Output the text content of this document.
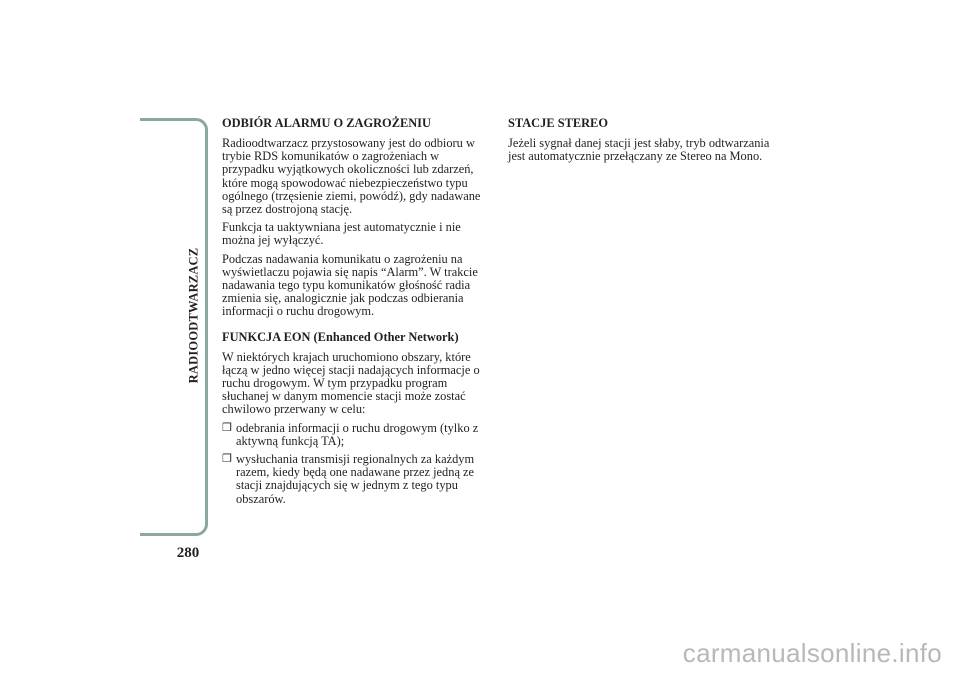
RADIOODTWARZACZ
280
ODBIÓR ALARMU O ZAGROŻENIU

Radioodtwarzacz przystosowany jest do odbioru w trybie RDS komunikatów o zagrożeniach w przypadku wyjątkowych okoliczności lub zdarzeń, które mogą spowodować niebezpieczeństwo typu ogólnego (trzęsienie ziemi, powódź), gdy nadawane są przez dostrojoną stację.

Funkcja ta uaktywniana jest automatycznie i nie można jej wyłączyć.

Podczas nadawania komunikatu o zagrożeniu na wyświetlaczu pojawia się napis “Alarm”. W trakcie nadawania tego typu komunikatów głośność radia zmienia się, analogicznie jak podczas odbierania informacji o ruchu drogowym.

FUNKCJA EON (Enhanced Other Network)

W niektórych krajach uruchomiono obszary, które łączą w jedno więcej stacji nadających informacje o ruchu drogowym. W tym przypadku program słuchanej w danym momencie stacji może zostać chwilowo przerwany w celu:

❒ odebrania informacji o ruchu drogowym (tylko z aktywną funkcją TA);
❒ wysłuchania transmisji regionalnych za każdym razem, kiedy będą one nadawane przez jedną ze stacji znajdujących się w jednym z tego typu obszarów.
STACJE STEREO

Jeżeli sygnał danej stacji jest słaby, tryb odtwarzania jest automatycznie przełączany ze Stereo na Mono.

carmanualsonline.info
